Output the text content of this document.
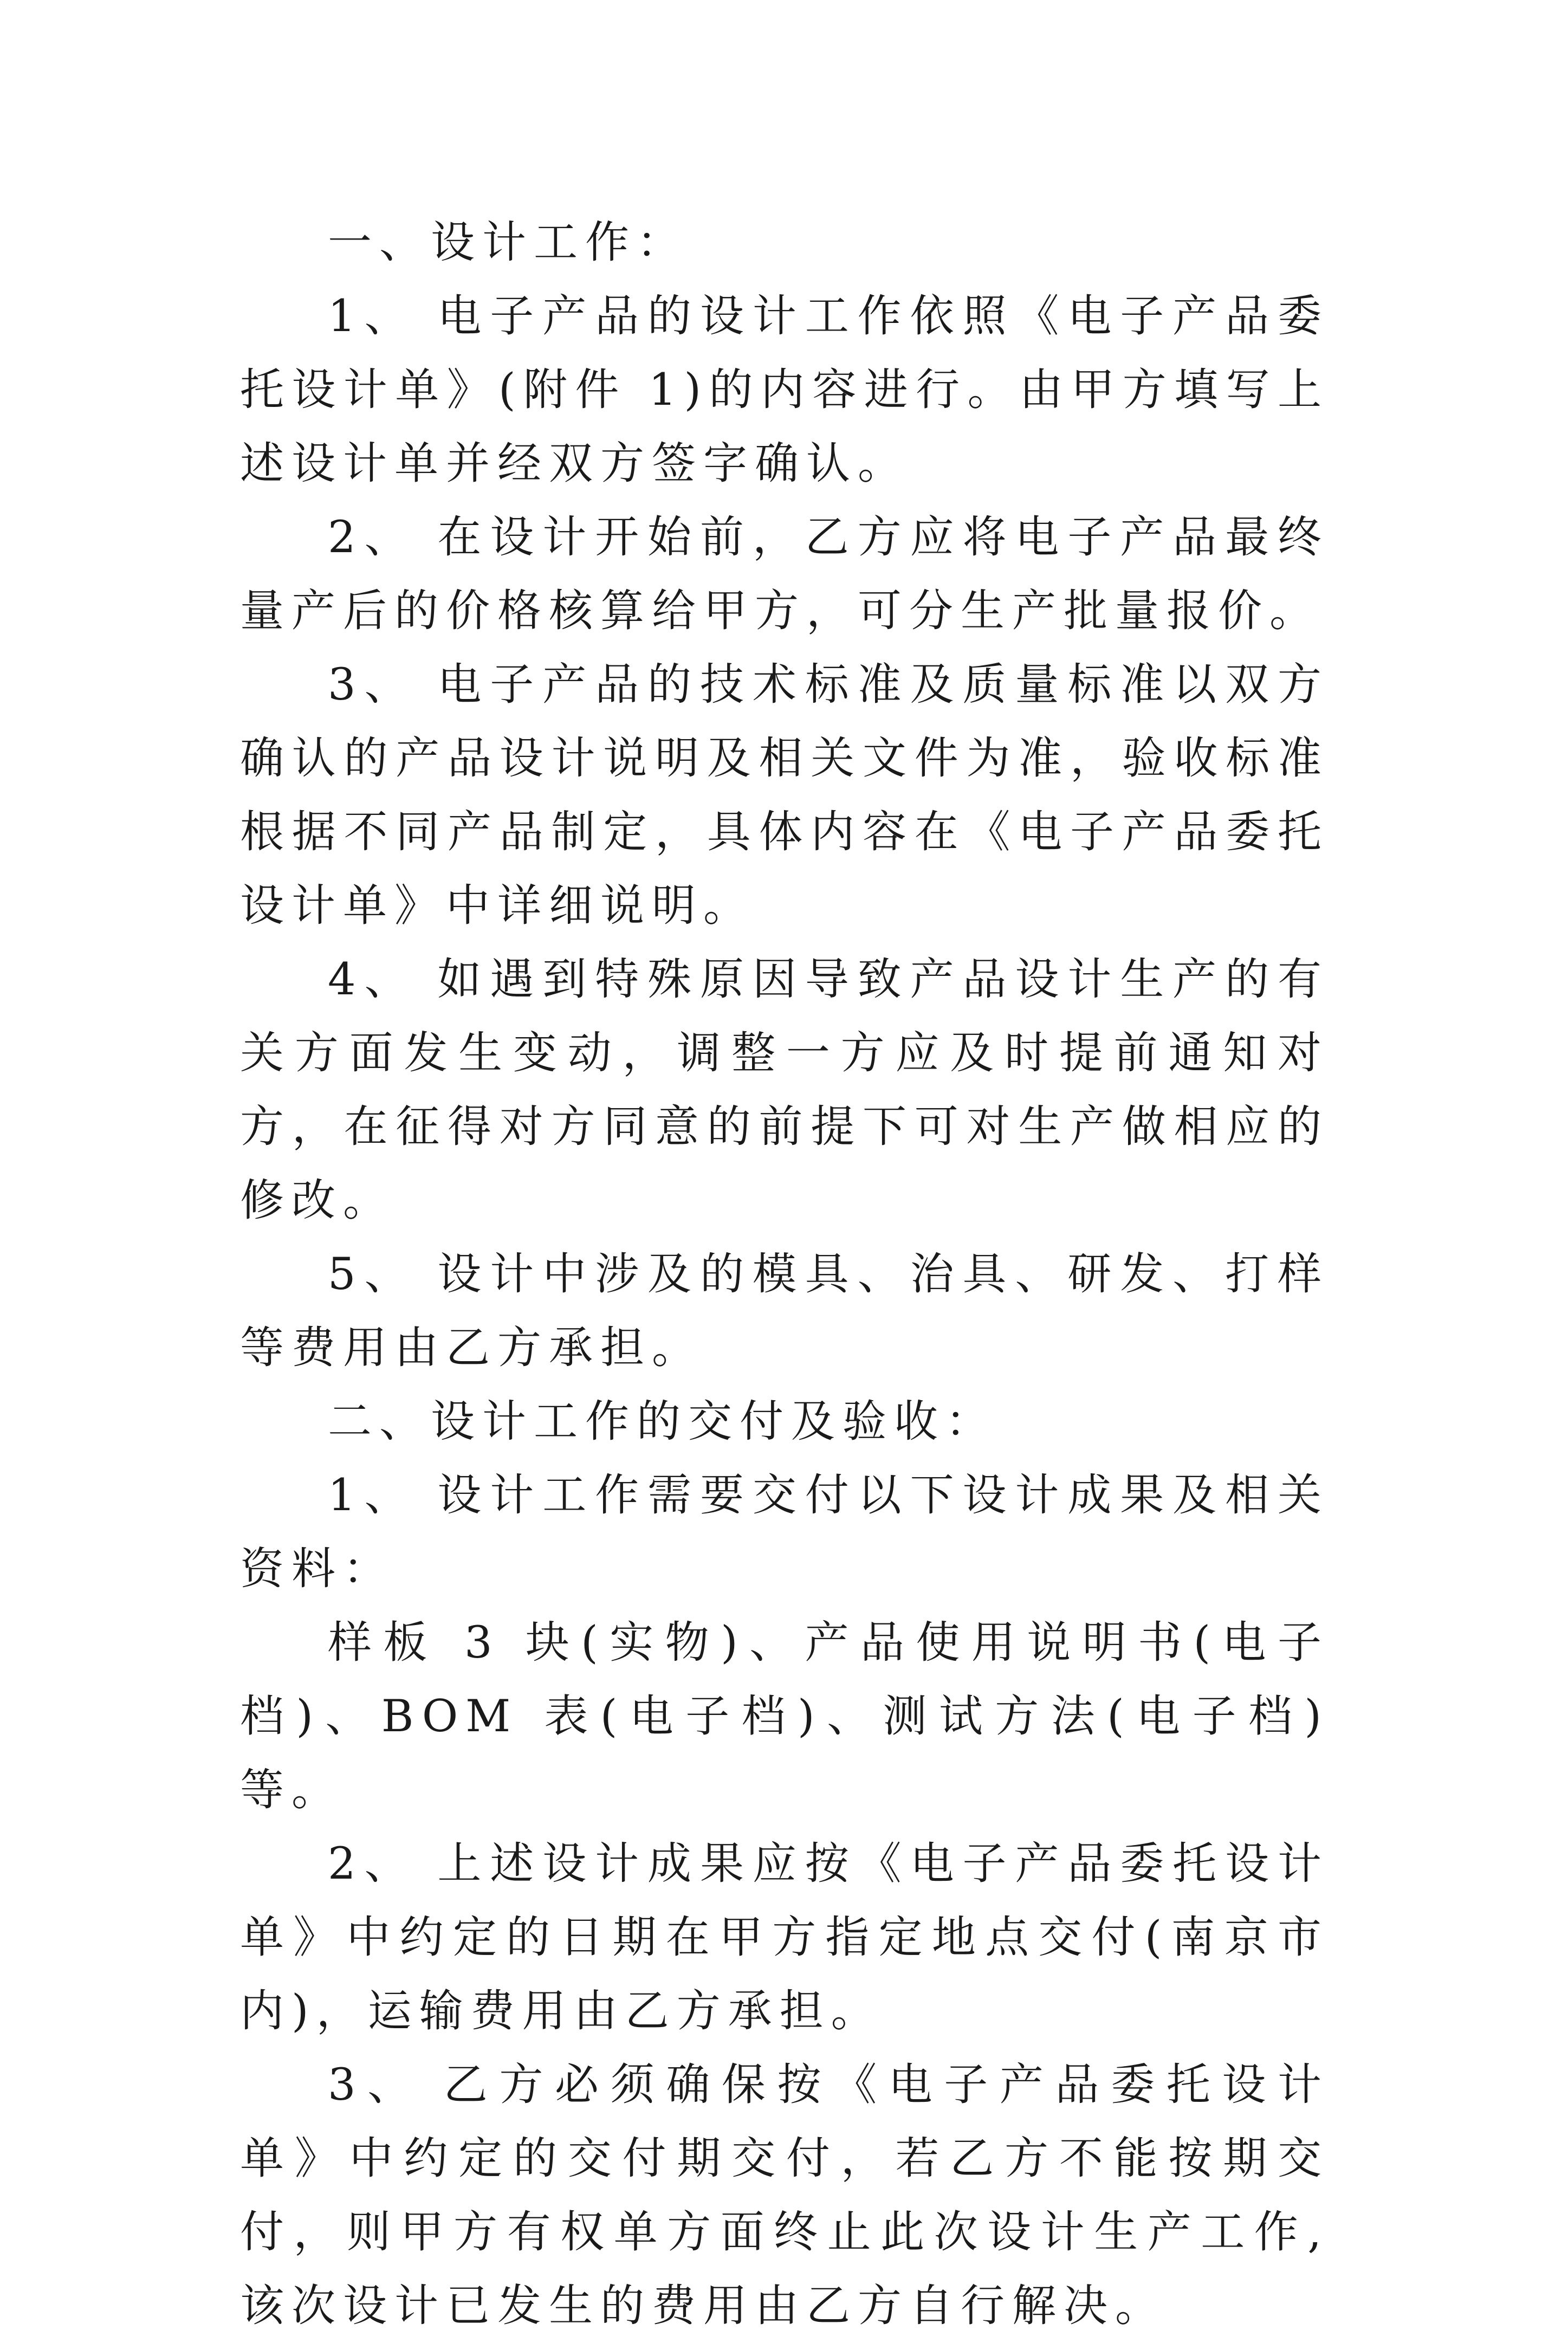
一、设计工作：

1、 电子产品的设计工作依照《电子产品委托设计单》(附件 1)的内容进行。由甲方填写上述设计单并经双方签字确认。

2、 在设计开始前，乙方应将电子产品最终量产后的价格核算给甲方，可分生产批量报价。

3、 电子产品的技术标准及质量标准以双方确认的产品设计说明及相关文件为准，验收标准根据不同产品制定，具体内容在《电子产品委托设计单》中详细说明。

4、 如遇到特殊原因导致产品设计生产的有关方面发生变动，调整一方应及时提前通知对方，在征得对方同意的前提下可对生产做相应的修改。

5、 设计中涉及的模具、治具、研发、打样等费用由乙方承担。

二、设计工作的交付及验收：

1、 设计工作需要交付以下设计成果及相关资料：

样板 3 块(实物)、产品使用说明书(电子档)、BOM 表(电子档)、测试方法(电子档)等。

2、 上述设计成果应按《电子产品委托设计单》中约定的日期在甲方指定地点交付(南京市内)，运输费用由乙方承担。

3、 乙方必须确保按《电子产品委托设计单》中约定的交付期交付，若乙方不能按期交付，则甲方有权单方面终止此次设计生产工作,该次设计已发生的费用由乙方自行解决。
